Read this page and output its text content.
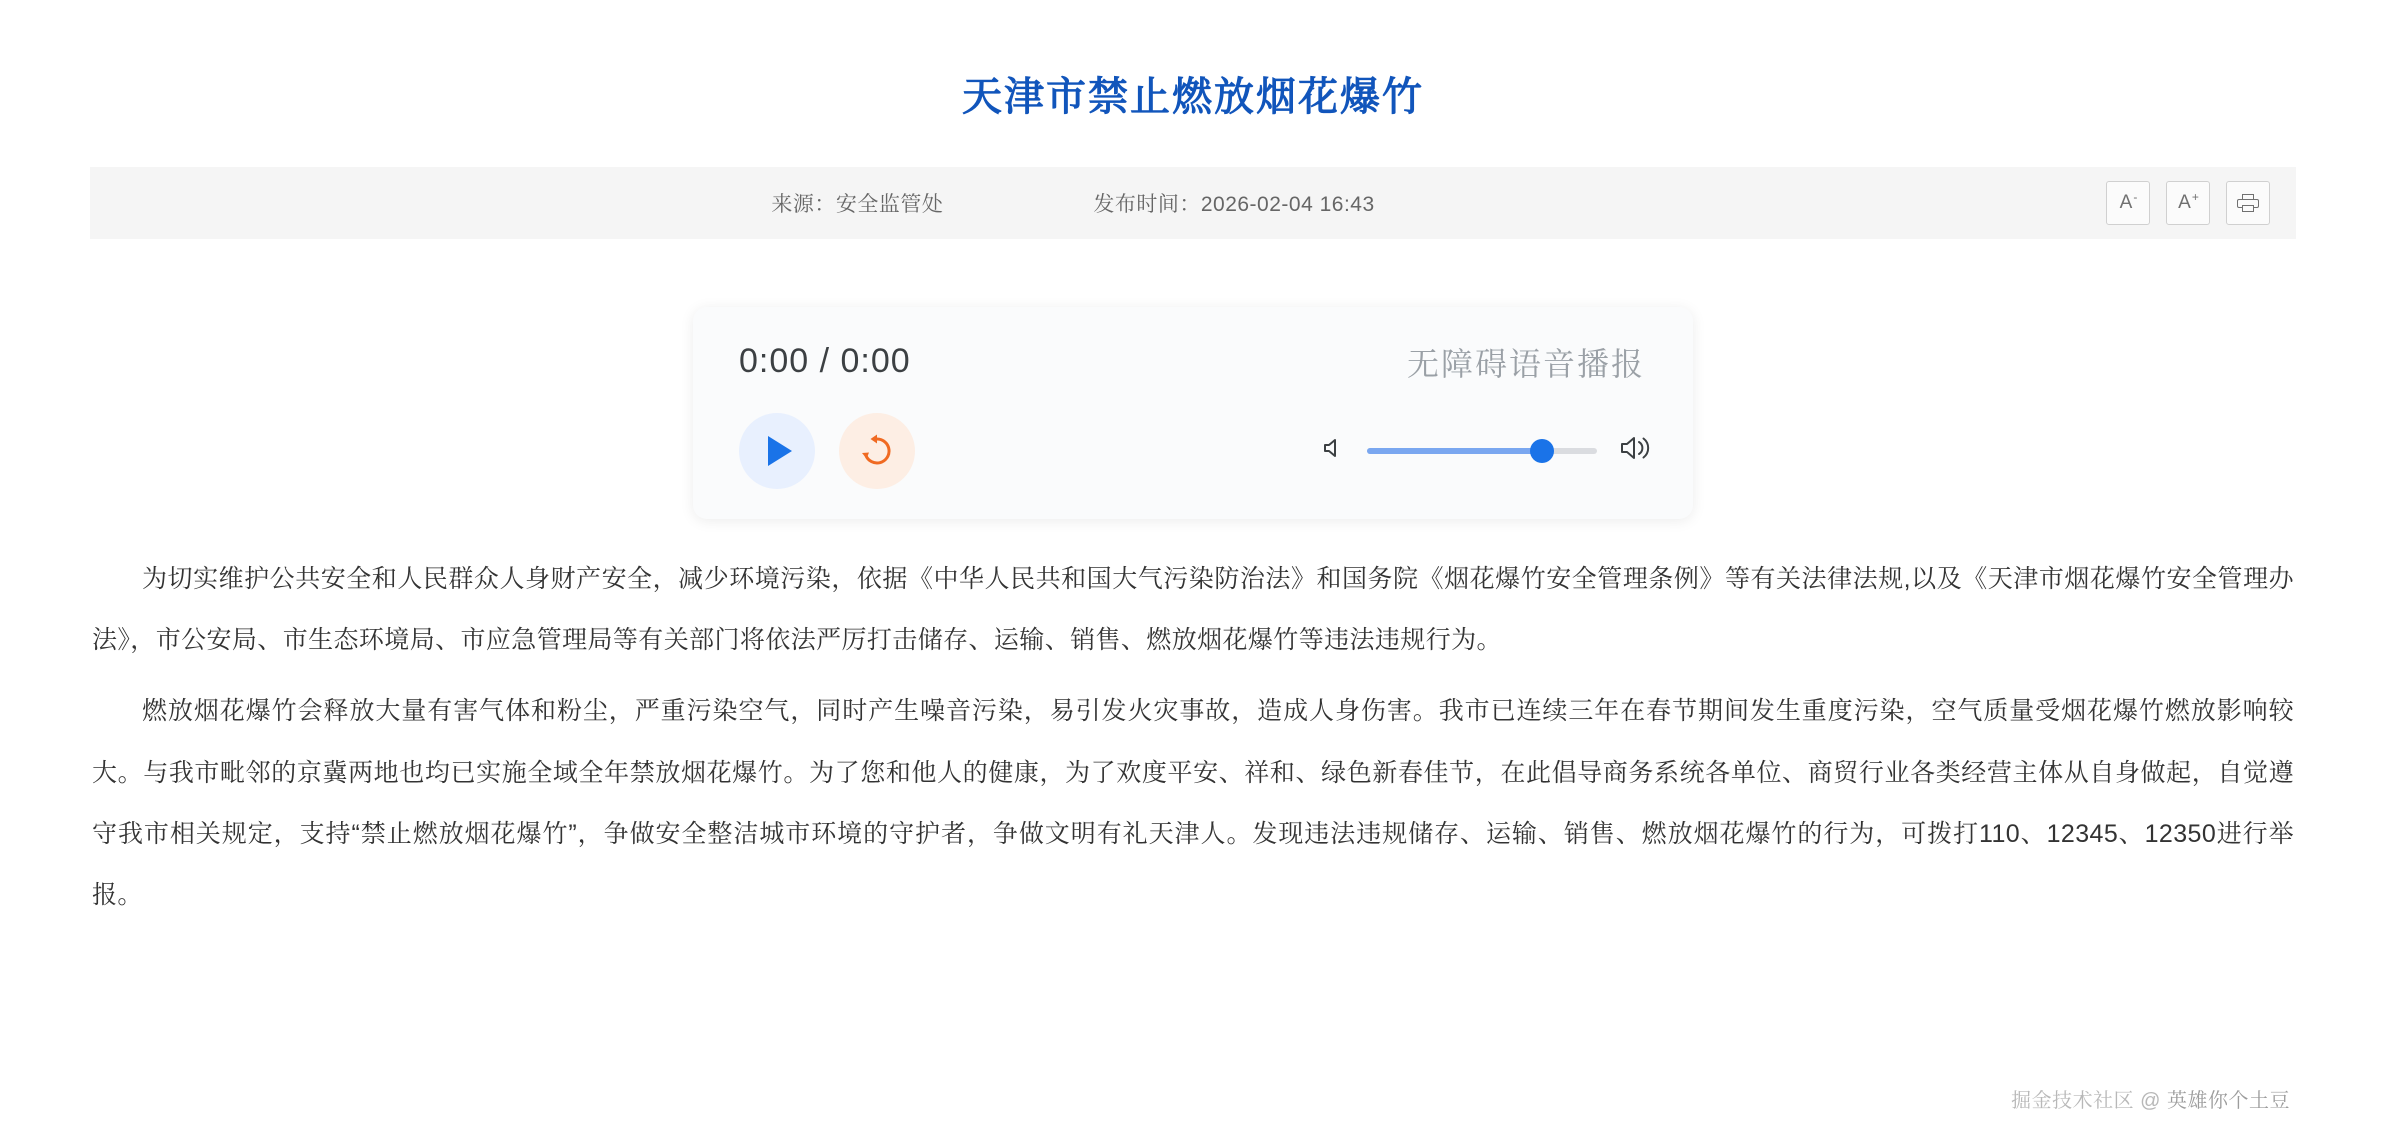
天津市禁止燃放烟花爆竹
来源：安全监管处	发布时间：2026-02-04 16:43	A - A +
0:00 / 0:00	无障碍语音播报

为切实维护公共安全和人民群众人身财产安全，减少环境污染，依据《中华人民共和国大气污染防治法》和国务院《烟花爆竹安全管理条例》等有关法律法规,以及《天津市烟花爆竹安全管理办法》，市公安局、市生态环境局、市应急管理局等有关部门将依法严厉打击储存、运输、销售、燃放烟花爆竹等违法违规行为。

燃放烟花爆竹会释放大量有害气体和粉尘，严重污染空气，同时产生噪音污染，易引发火灾事故，造成人身伤害。我市已连续三年在春节期间发生重度污染，空气质量受烟花爆竹燃放影响较大。与我市毗邻的京冀两地也均已实施全域全年禁放烟花爆竹。为了您和他人的健康，为了欢度平安、祥和、绿色新春佳节，在此倡导商务系统各单位、商贸行业各类经营主体从自身做起，自觉遵守我市相关规定，支持“禁止燃放烟花爆竹”，争做安全整洁城市环境的守护者，争做文明有礼天津人。发现违法违规储存、运输、销售、燃放烟花爆竹的行为，可拨打110、12345、12350进行举报。

掘金技术社区 @ 英雄你个土豆
